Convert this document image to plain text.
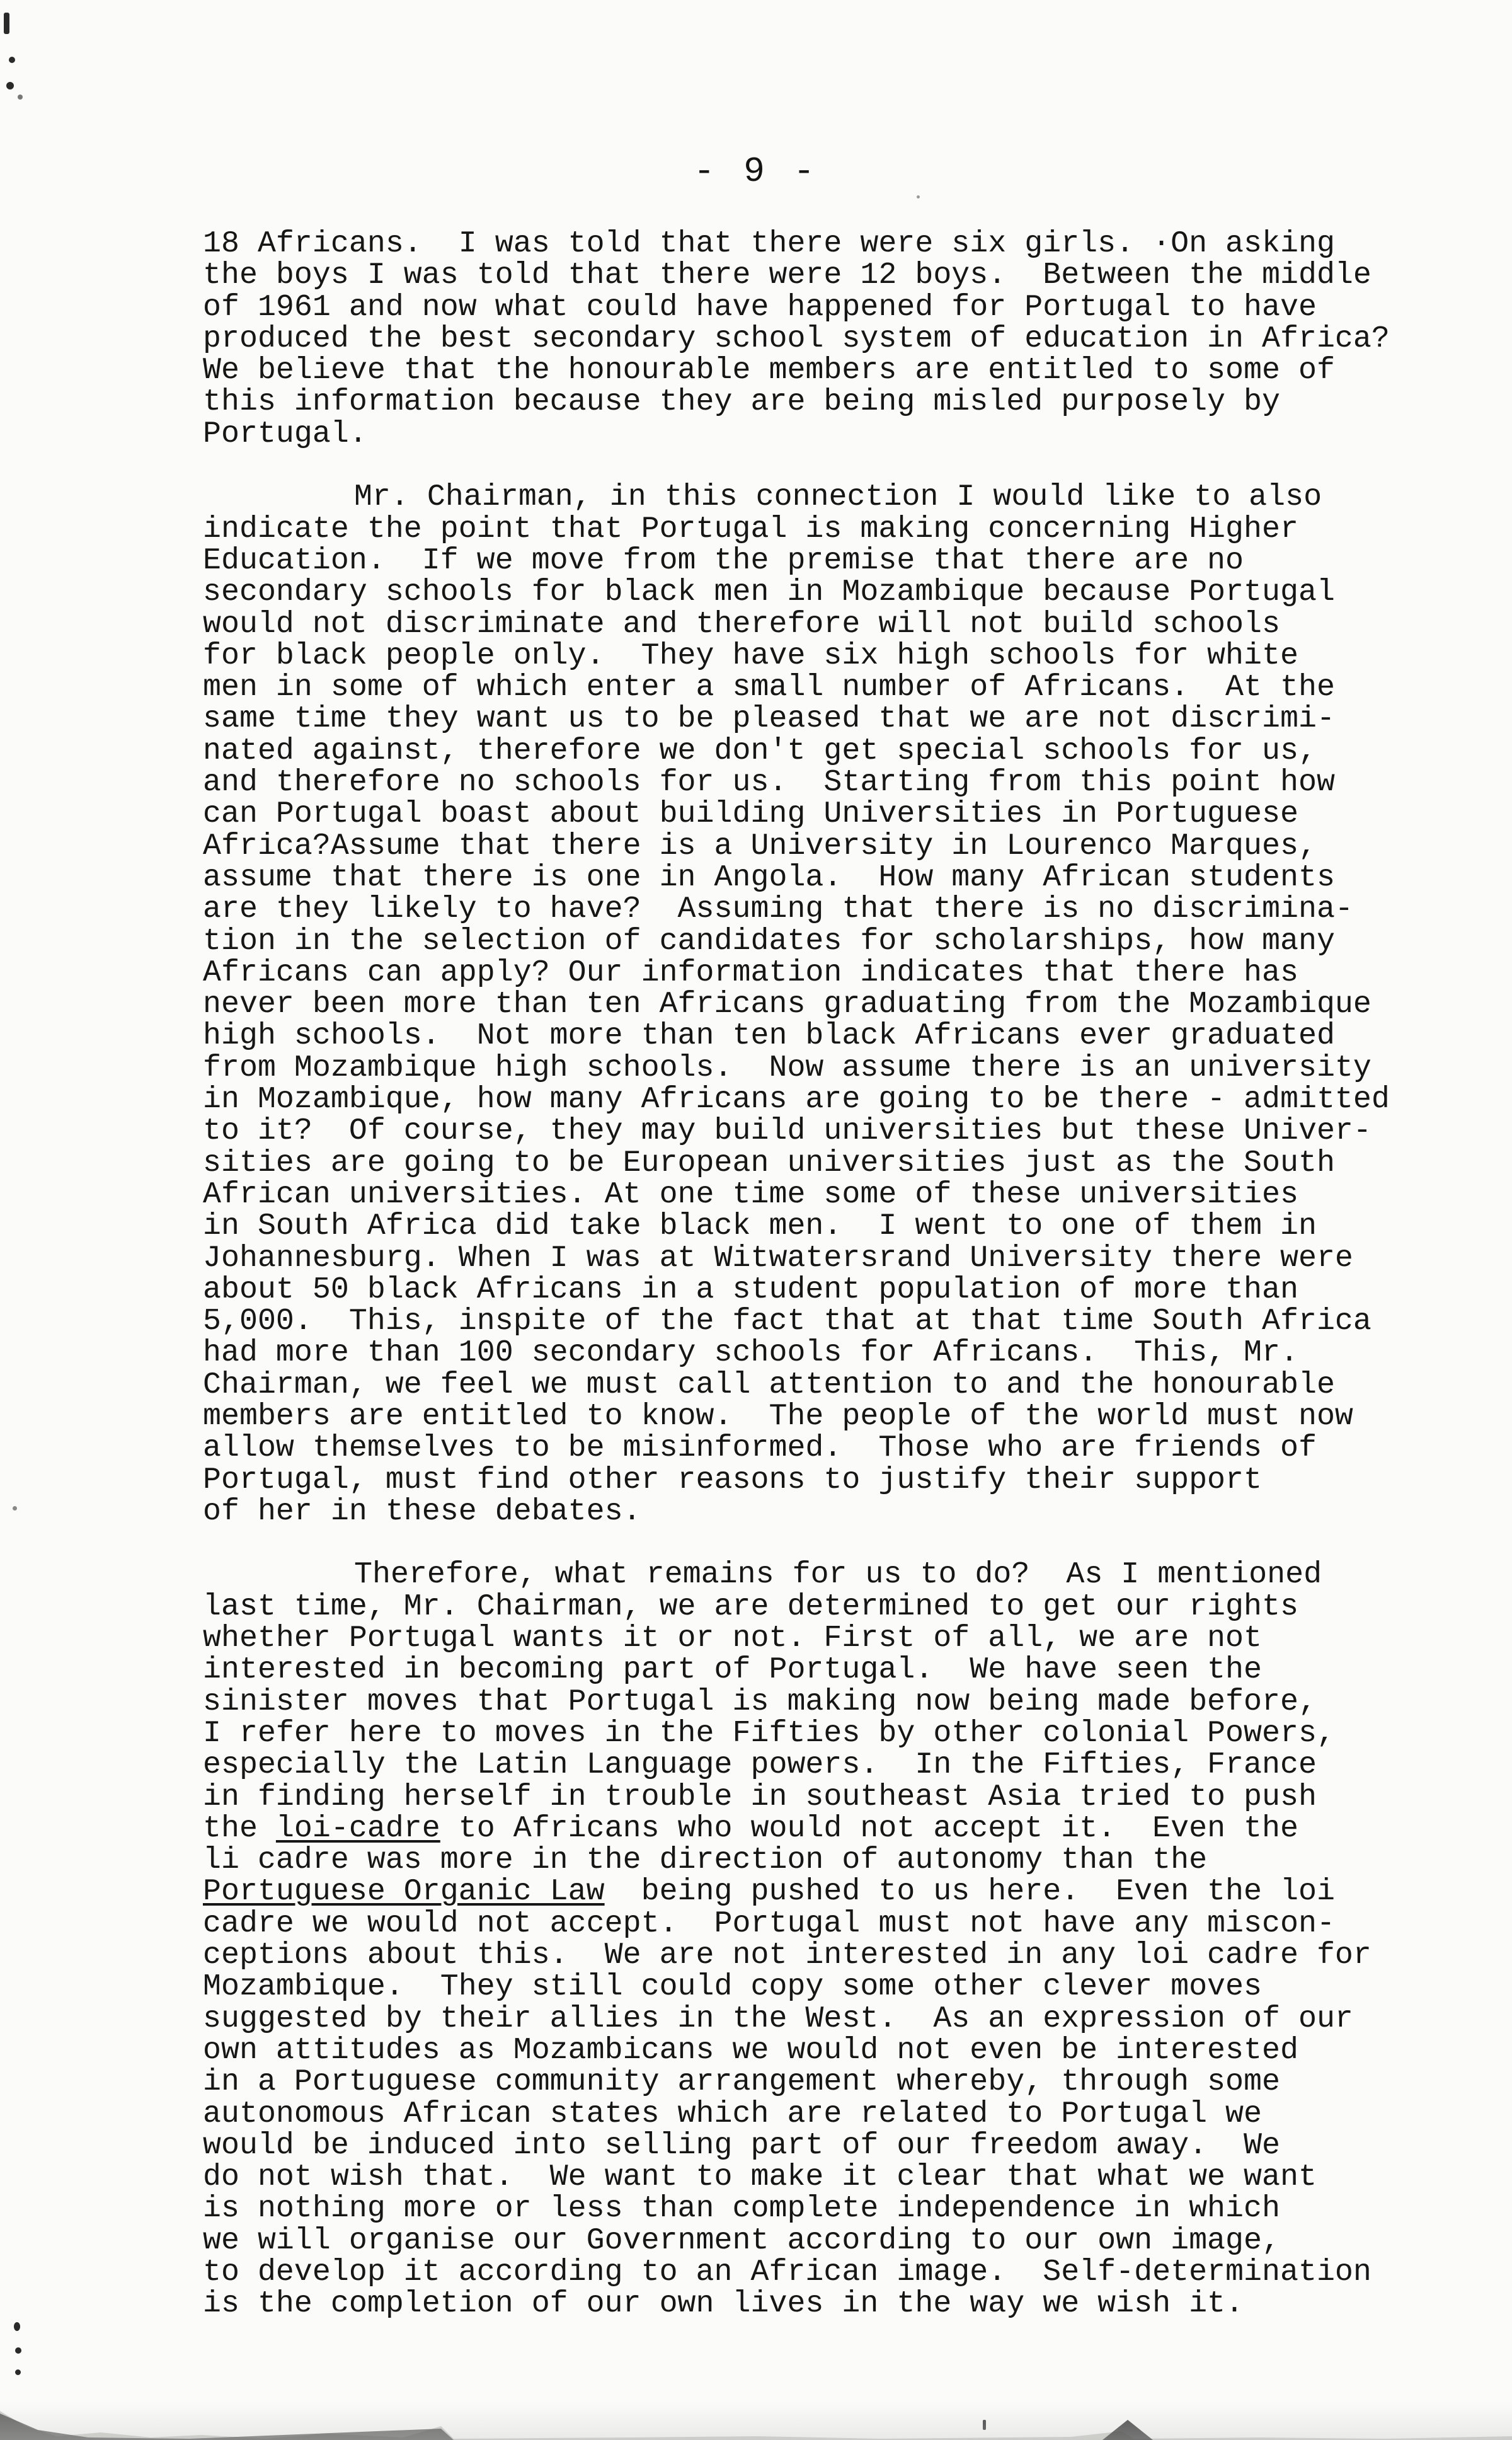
- 9 -
18 Africans.  I was told that there were six girls. ·On asking
the boys I was told that there were 12 boys.  Between the middle
of 1961 and now what could have happened for Portugal to have
produced the best secondary school system of education in Africa?
We believe that the honourable members are entitled to some of
this information because they are being misled purposely by
Portugal.
Mr. Chairman, in this connection I would like to also
indicate the point that Portugal is making concerning Higher
Education.  If we move from the premise that there are no
secondary schools for black men in Mozambique because Portugal
would not discriminate and therefore will not build schools
for black people only.  They have six high schools for white
men in some of which enter a small number of Africans.  At the
same time they want us to be pleased that we are not discrimi-
nated against, therefore we don't get special schools for us,
and therefore no schools for us.  Starting from this point how
can Portugal boast about building Universities in Portuguese
Africa?Assume that there is a University in Lourenco Marques,
assume that there is one in Angola.  How many African students
are they likely to have?  Assuming that there is no discrimina-
tion in the selection of candidates for scholarships, how many
Africans can apply? Our information indicates that there has
never been more than ten Africans graduating from the Mozambique
high schools.  Not more than ten black Africans ever graduated
from Mozambique high schools.  Now assume there is an university
in Mozambique, how many Africans are going to be there - admitted
to it?  Of course, they may build universities but these Univer-
sities are going to be European universities just as the South
African universities. At one time some of these universities
in South Africa did take black men.  I went to one of them in
Johannesburg. When I was at Witwatersrand University there were
about 50 black Africans in a student population of more than
5,000.  This, inspite of the fact that at that time South Africa
had more than 100 secondary schools for Africans.  This, Mr.
Chairman, we feel we must call attention to and the honourable
members are entitled to know.  The people of the world must now
allow themselves to be misinformed.  Those who are friends of
Portugal, must find other reasons to justify their support
of her in these debates.
Therefore, what remains for us to do?  As I mentioned
last time, Mr. Chairman, we are determined to get our rights
whether Portugal wants it or not. First of all, we are not
interested in becoming part of Portugal.  We have seen the
sinister moves that Portugal is making now being made before,
I refer here to moves in the Fifties by other colonial Powers,
especially the Latin Language powers.  In the Fifties, France
in finding herself in trouble in southeast Asia tried to push
the loi-cadre to Africans who would not accept it.  Even the
li cadre was more in the direction of autonomy than the
Portuguese Organic Law  being pushed to us here.  Even the loi
cadre we would not accept.  Portugal must not have any miscon-
ceptions about this.  We are not interested in any loi cadre for
Mozambique.  They still could copy some other clever moves
suggested by their allies in the West.  As an expression of our
own attitudes as Mozambicans we would not even be interested
in a Portuguese community arrangement whereby, through some
autonomous African states which are related to Portugal we
would be induced into selling part of our freedom away.  We
do not wish that.  We want to make it clear that what we want
is nothing more or less than complete independence in which
we will organise our Government according to our own image,
to develop it according to an African image.  Self-determination
is the completion of our own lives in the way we wish it.
